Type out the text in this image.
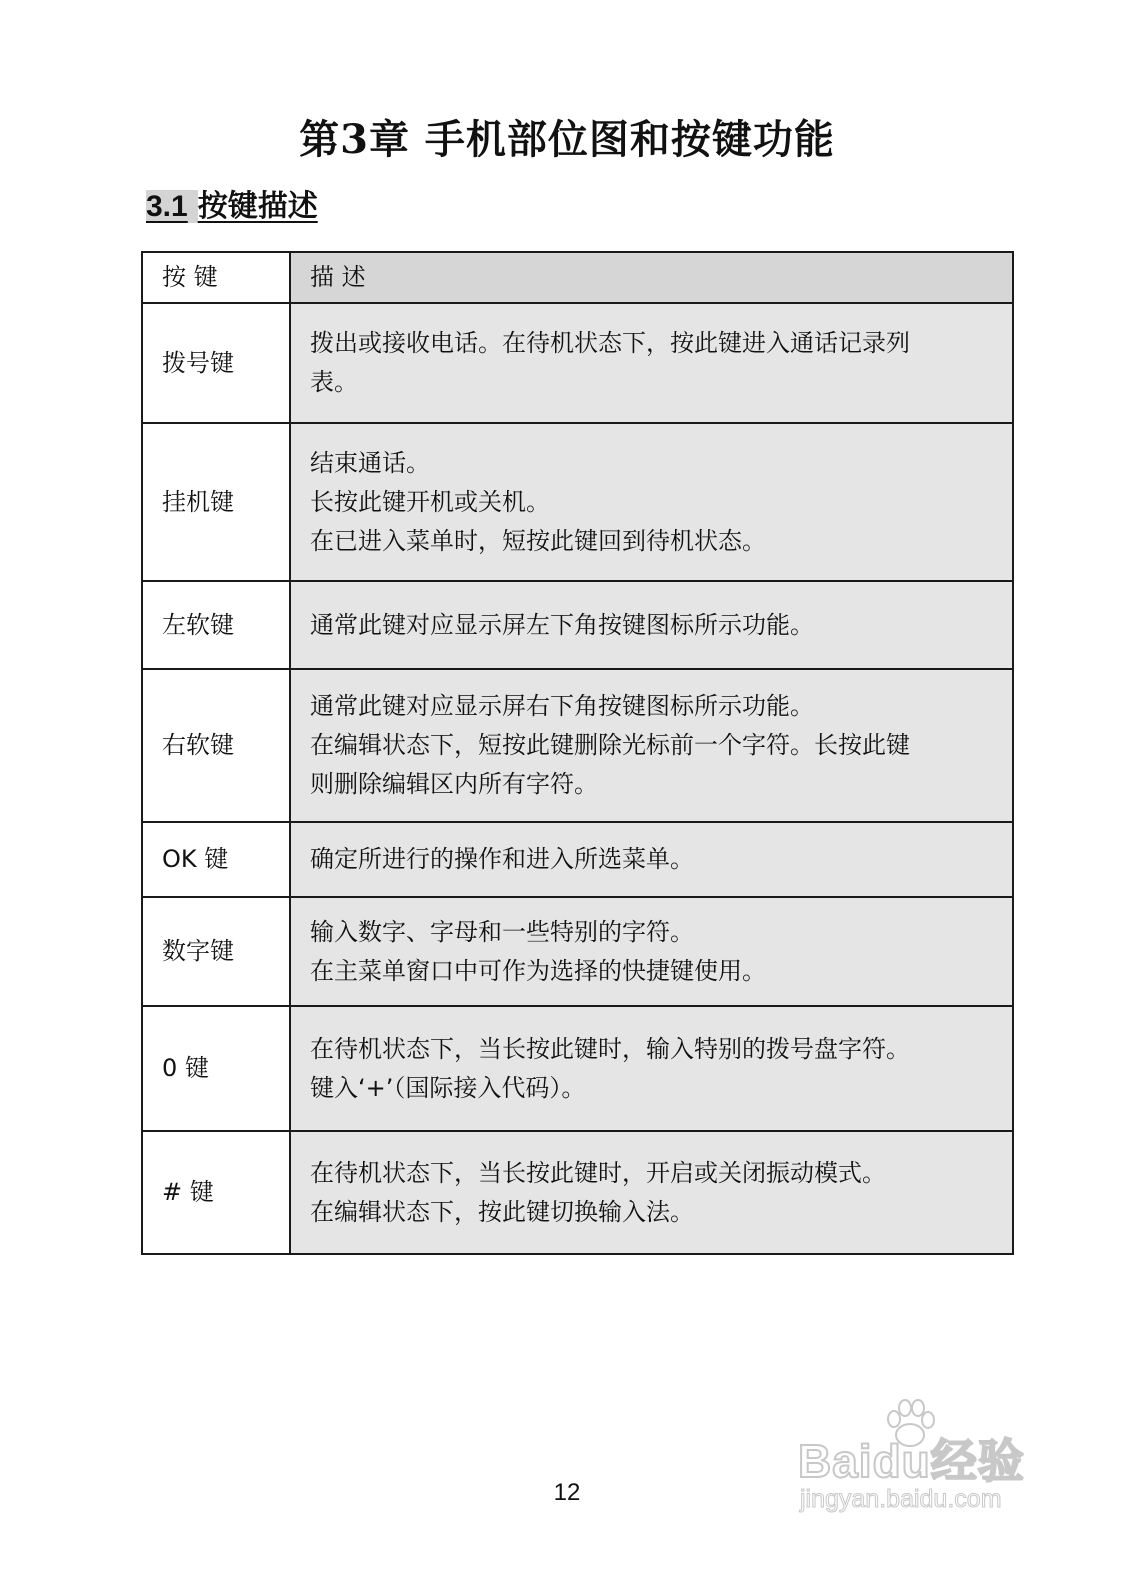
第3章 手机部位图和按键功能
3.1 按键描述
按 键	描 述
拨号键	拨出或接收电话。在待机状态下，按此键进入通话记录列
表。

挂机键	结束通话。
长按此键开机或关机。
在已进入菜单时，短按此键回到待机状态。

左软键	通常此键对应显示屏左下角按键图标所示功能。

右软键	通常此键对应显示屏右下角按键图标所示功能。
在编辑状态下，短按此键删除光标前一个字符。长按此键
则删除编辑区内所有字符。

OK 键	确定所进行的操作和进入所选菜单。

数字键	输入数字、字母和一些特别的字符。
在主菜单窗口中可作为选择的快捷键使用。

0 键	在待机状态下，当长按此键时，输入特别的拨号盘字符。
键入‘+’（国际接入代码）。

# 键	在待机状态下，当长按此键时，开启或关闭振动模式。
在编辑状态下，按此键切换输入法。
12
Baidu经验
jingyan.baidu.com
